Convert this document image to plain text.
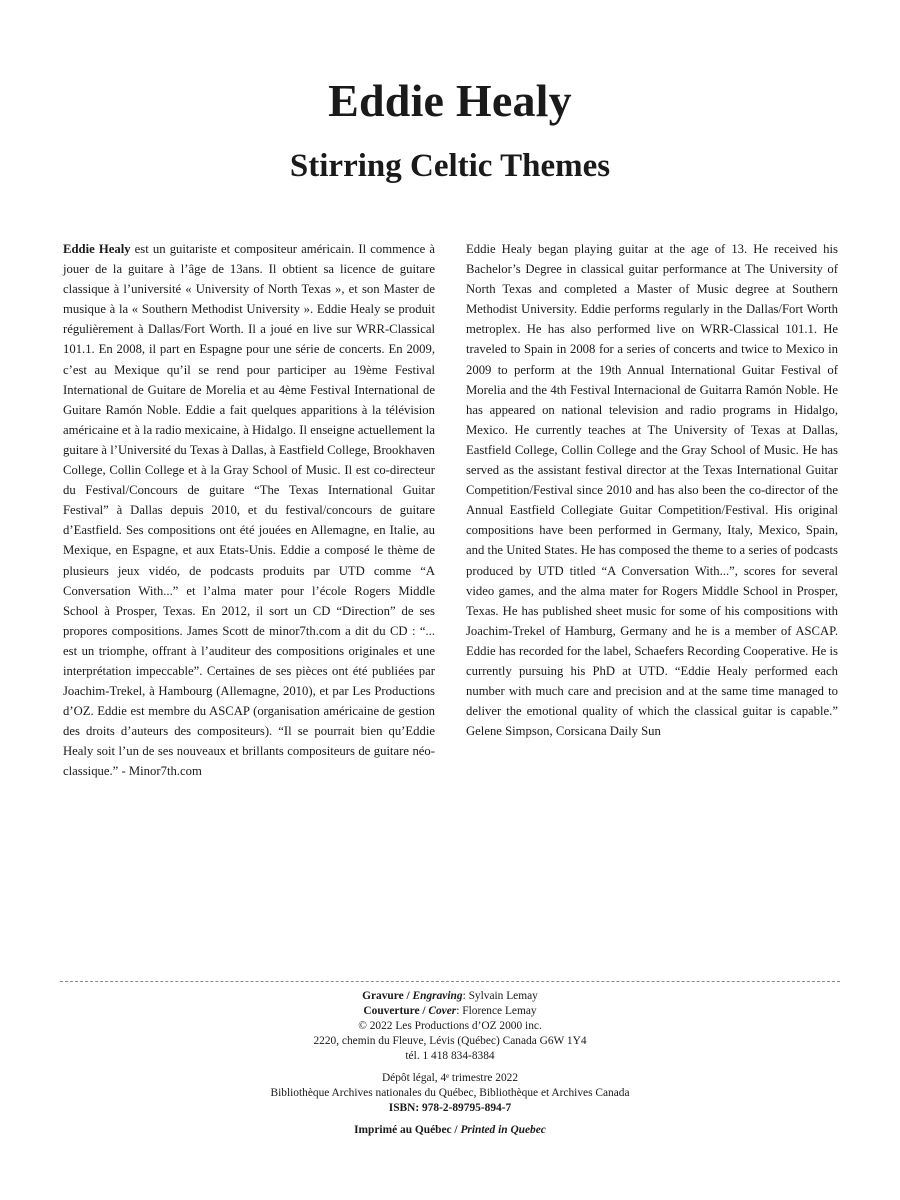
Eddie Healy
Stirring Celtic Themes

Eddie Healy est un guitariste et compositeur américain. Il commence à jouer de la guitare à l’âge de 13ans. Il obtient sa licence de guitare classique à l’université « University of North Texas », et son Master de musique à la « Southern Methodist University ». Eddie Healy se produit régulièrement à Dallas/Fort Worth. Il a joué en live sur WRR-Classical 101.1. En 2008, il part en Espagne pour une série de concerts. En 2009, c’est au Mexique qu’il se rend pour participer au 19ème Festival International de Guitare de Morelia et au 4ème Festival International de Guitare Ramón Noble. Eddie a fait quelques apparitions à la télévision américaine et à la radio mexicaine, à Hidalgo. Il enseigne actuellement la guitare à l’Université du Texas à Dallas, à Eastfield College, Brookhaven College, Collin College et à la Gray School of Music. Il est co-directeur du Festival/Concours de guitare “The Texas International Guitar Festival” à Dallas depuis 2010, et du festival/concours de guitare d’Eastfield. Ses compositions ont été jouées en Allemagne, en Italie, au Mexique, en Espagne, et aux Etats-Unis. Eddie a composé le thème de plusieurs jeux vidéo, de podcasts produits par UTD comme “A Conversation With...” et l’alma mater pour l’école Rogers Middle School à Prosper, Texas. En 2012, il sort un CD “Direction” de ses propores compositions. James Scott de minor7th.com a dit du CD : “... est un triomphe, offrant à l’auditeur des compositions originales et une interprétation impeccable”. Certaines de ses pièces ont été publiées par Joachim-Trekel, à Hambourg (Allemagne, 2010), et par Les Productions d’OZ. Eddie est membre du ASCAP (organisation américaine de gestion des droits d’auteurs des compositeurs). “Il se pourrait bien qu’Eddie Healy soit l’un de ses nouveaux et brillants compositeurs de guitare néo-classique.” - Minor7th.com

Eddie Healy began playing guitar at the age of 13. He received his Bachelor’s Degree in classical guitar performance at The University of North Texas and completed a Master of Music degree at Southern Methodist University. Eddie performs regularly in the Dallas/Fort Worth metroplex. He has also performed live on WRR-Classical 101.1. He traveled to Spain in 2008 for a series of concerts and twice to Mexico in 2009 to perform at the 19th Annual International Guitar Festival of Morelia and the 4th Festival Internacional de Guitarra Ramón Noble. He has appeared on national television and radio programs in Hidalgo, Mexico. He currently teaches at The University of Texas at Dallas, Eastfield College, Collin College and the Gray School of Music. He has served as the assistant festival director at the Texas International Guitar Competition/Festival since 2010 and has also been the co-director of the Annual Eastfield Collegiate Guitar Competition/Festival. His original compositions have been performed in Germany, Italy, Mexico, Spain, and the United States. He has composed the theme to a series of podcasts produced by UTD titled “A Conversation With...”, scores for several video games, and the alma mater for Rogers Middle School in Prosper, Texas. He has published sheet music for some of his compositions with Joachim-Trekel of Hamburg, Germany and he is a member of ASCAP. Eddie has recorded for the label, Schaefers Recording Cooperative. He is currently pursuing his PhD at UTD. “Eddie Healy performed each number with much care and precision and at the same time managed to deliver the emotional quality of which the classical guitar is capable.” Gelene Simpson, Corsicana Daily Sun

Gravure / Engraving: Sylvain Lemay
Couverture / Cover: Florence Lemay
© 2022 Les Productions d’OZ 2000 inc.
2220, chemin du Fleuve, Lévis (Québec) Canada G6W 1Y4
tél. 1 418 834-8384
Dépôt légal, 4ᵉ trimestre 2022
Bibliothèque Archives nationales du Québec, Bibliothèque et Archives Canada
ISBN: 978-2-89795-894-7
Imprimé au Québec / Printed in Quebec
